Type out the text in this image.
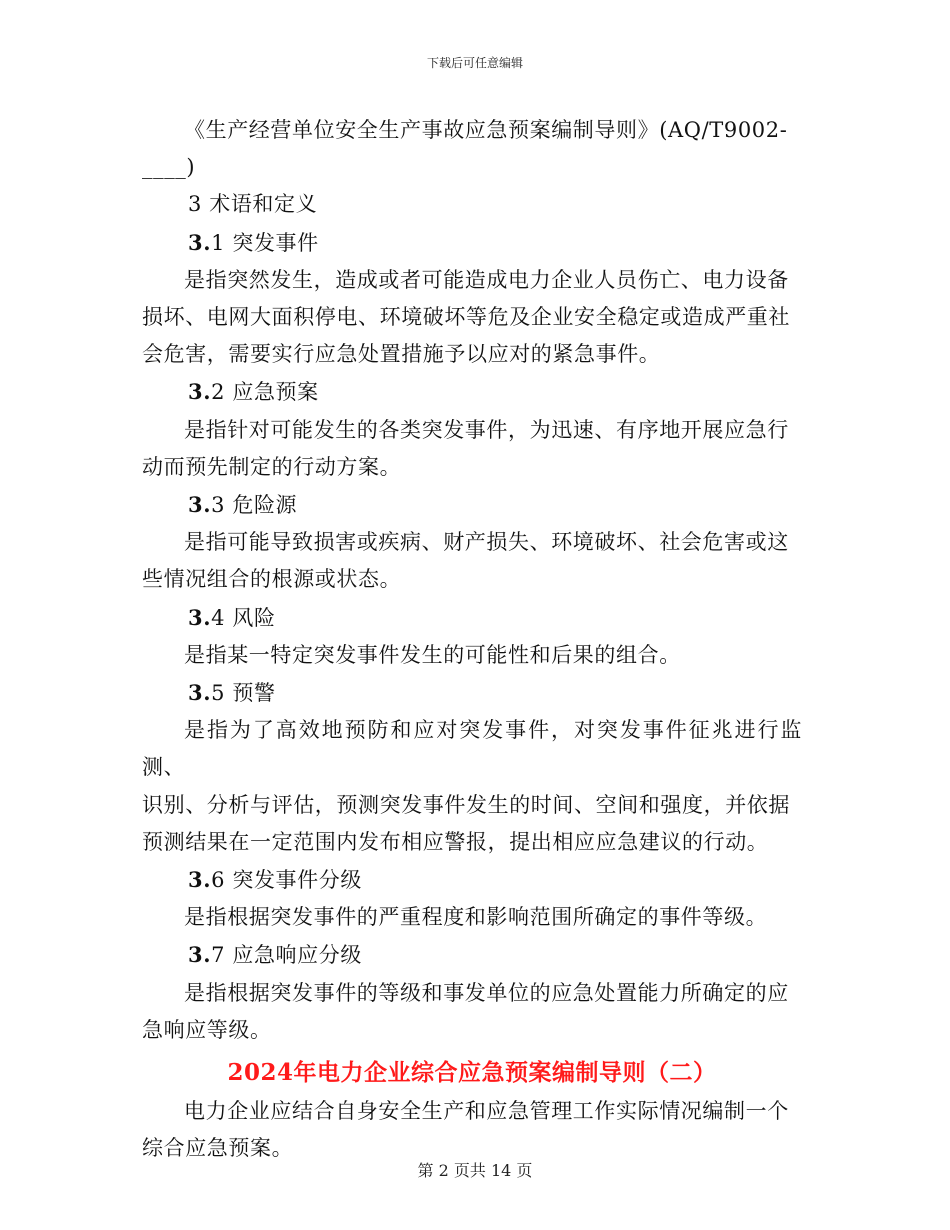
下载后可任意编辑

《生产经营单位安全生产事故应急预案编制导则》(AQ/T9002-

____)

3 术语和定义

3.1 突发事件

是指突然发生，造成或者可能造成电力企业人员伤亡、电力设备

损坏、电网大面积停电、环境破坏等危及企业安全稳定或造成严重社

会危害，需要实行应急处置措施予以应对的紧急事件。

3.2 应急预案

是指针对可能发生的各类突发事件，为迅速、有序地开展应急行

动而预先制定的行动方案。

3.3 危险源

是指可能导致损害或疾病、财产损失、环境破坏、社会危害或这

些情况组合的根源或状态。

3.4 风险

是指某一特定突发事件发生的可能性和后果的组合。

3.5 预警

是指为了高效地预防和应对突发事件，对突发事件征兆进行监测、

识别、分析与评估，预测突发事件发生的时间、空间和强度，并依据

预测结果在一定范围内发布相应警报，提出相应应急建议的行动。

3.6 突发事件分级

是指根据突发事件的严重程度和影响范围所确定的事件等级。

3.7 应急响应分级

是指根据突发事件的等级和事发单位的应急处置能力所确定的应

急响应等级。

2024年电力企业综合应急预案编制导则（二）

电力企业应结合自身安全生产和应急管理工作实际情况编制一个

综合应急预案。

第 2 页共 14 页
